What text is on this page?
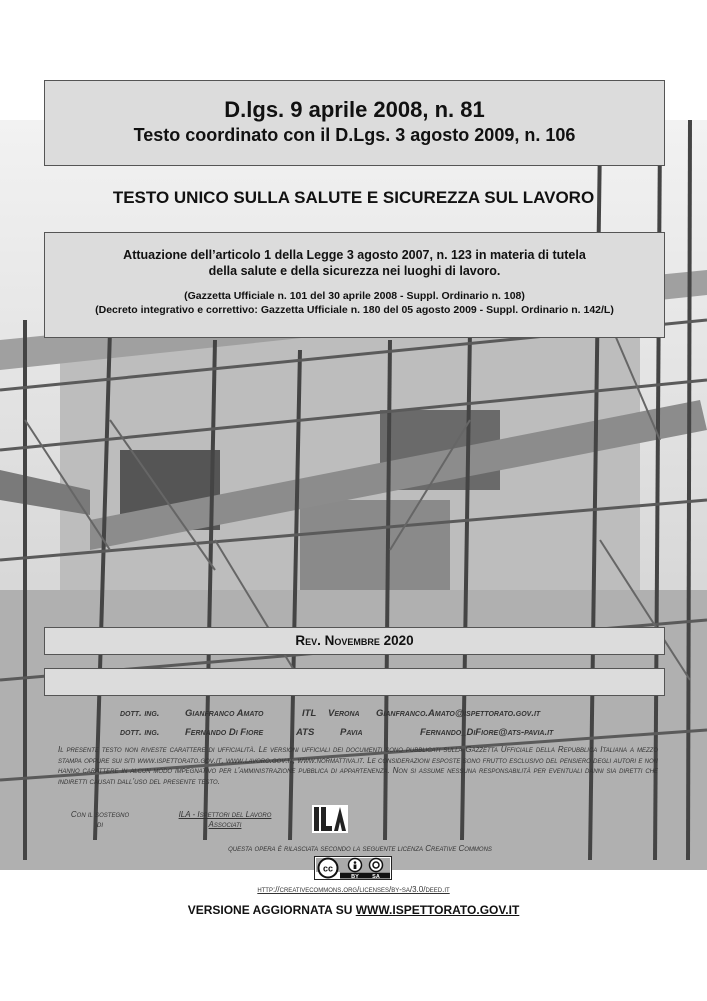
D.lgs. 9 aprile 2008, n. 81
Testo coordinato con il D.Lgs. 3 agosto 2009, n. 106
TESTO UNICO SULLA SALUTE E SICUREZZA SUL LAVORO
Attuazione dell’articolo 1 della Legge 3 agosto 2007, n. 123 in materia di tutela
della salute e della sicurezza nei luoghi di lavoro.
(Gazzetta Ufficiale n. 101 del 30 aprile 2008 - Suppl. Ordinario n. 108)
(Decreto integrativo e correttivo: Gazzetta Ufficiale n. 180 del 05 agosto 2009 - Suppl. Ordinario n. 142/L)
Rev. Novembre 2020
dott. ing.	Gianfranco Amato	ITL Verona Gianfranco.Amato@ispettorato.gov.it
dott. ing.	Fernando Di Fiore	ATS	Pavia	Fernando_DiFiore@ats-pavia.it
Il presente testo non riveste carattere di ufficialità. Le versioni ufficiali dei documenti sono pubblicati sulla Gazzetta Ufficiale della Repubblica Italiana a mezzo stampa oppure sui siti www.ispettorato.gov.it, www.lavoro.gov.it, www.normattiva.it. Le considerazioni esposte sono frutto esclusivo del pensiero degli autori e non hanno carattere in alcun modo impegnativo per l’amministrazione pubblica di appartenenza. Non si assume nessuna responsabilità per eventuali danni sia diretti che indiretti causati dall’uso del presente testo.
Con il sostegno
di
ILA - Ispettori del Lavoro
Associati
questa opera è rilasciata secondo la seguente licenza Creative Commons
cc
BY SA
http://creativecommons.org/licenses/by-sa/3.0/deed.it
VERSIONE AGGIORNATA SU WWW.ISPETTORATO.GOV.IT
